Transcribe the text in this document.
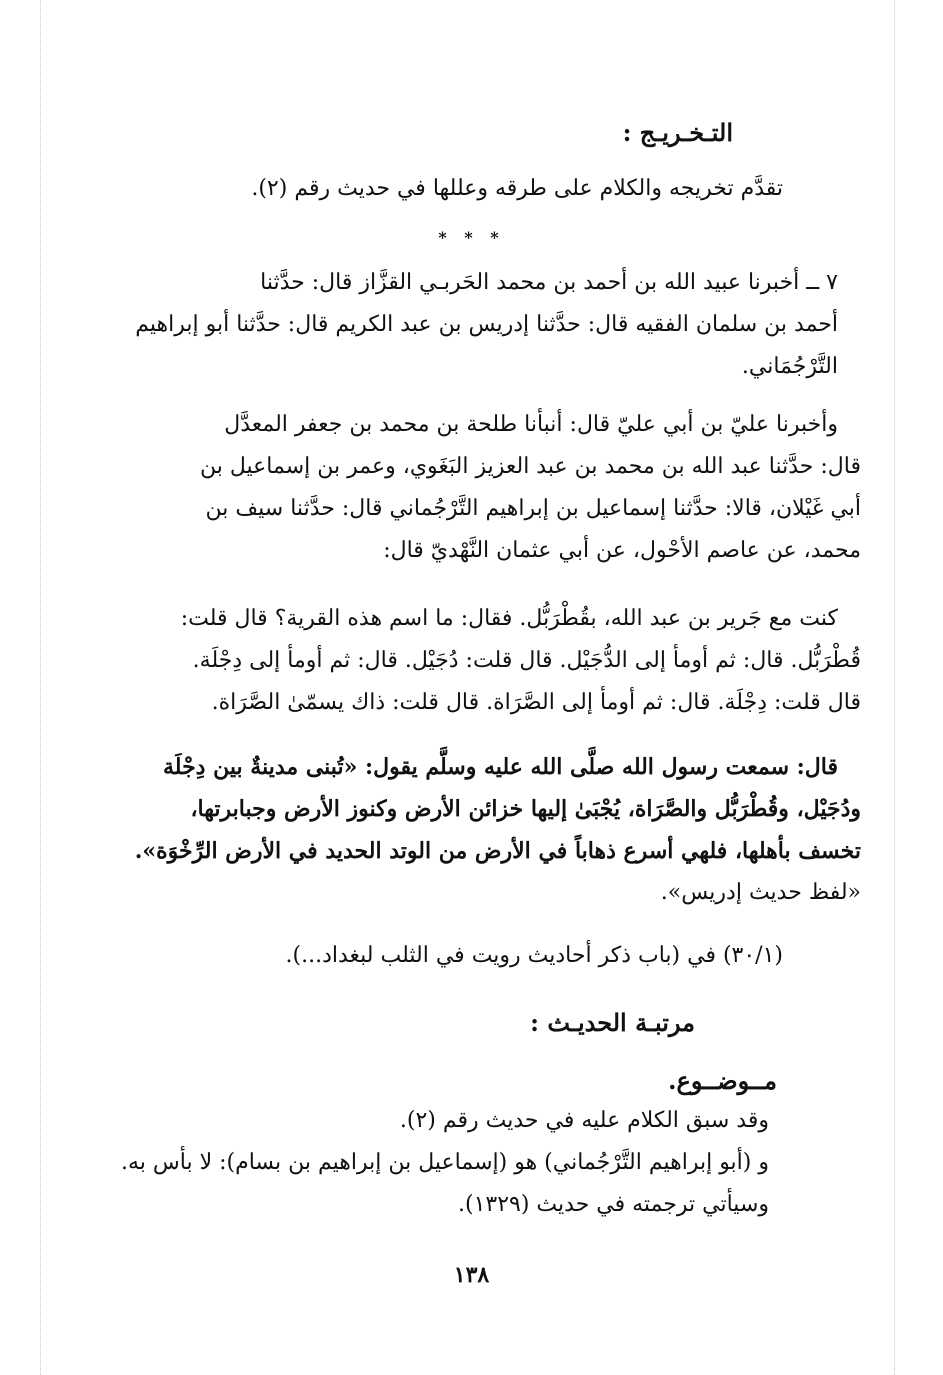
التـخـريـج :
تقدَّم تخريجه والكلام على طرقه وعللها في حديث رقم (٢).
* * *
٧ ــ أخبرنا عبيد الله بن أحمد بن محمد الحَربـي القزَّاز قال: حدَّثنا
أحمد بن سلمان الفقيه قال: حدَّثنا إدريس بن عبد الكريم قال: حدَّثنا أبو إبراهيم
التَّرْجُمَاني.
وأخبرنا عليّ بن أبي عليّ قال: أنبأنا طلحة بن محمد بن جعفر المعدَّل
قال: حدَّثنا عبد الله بن محمد بن عبد العزيز البَغَوي، وعمر بن إسماعيل بن
أبي غَيْلان، قالا: حدَّثنا إسماعيل بن إبراهيم التَّرْجُماني قال: حدَّثنا سيف بن
محمد، عن عاصم الأحْول، عن أبي عثمان النَّهْديّ قال:
كنت مع جَرير بن عبد الله، بقُطْرَبُّل. فقال: ما اسم هذه القرية؟ قال قلت:
قُطْرَبُّل. قال: ثم أومأ إلى الدُّجَيْل. قال قلت: دُجَيْل. قال: ثم أومأ إلى دِجْلَة.
قال قلت: دِجْلَة. قال: ثم أومأ إلى الصَّرَاة. قال قلت: ذاك يسمّىٰ الصَّرَاة.
قال: سمعت رسول الله صلَّى الله عليه وسلَّم يقول: «تُبنى مدينةٌ بين دِجْلَة
ودُجَيْل، وقُطْرَبُّل والصَّرَاة، يُجْبَىٰ إليها خزائن الأرض وكنوز الأرض وجبابرتها،
تخسف بأهلها، فلهي أسرع ذهاباً في الأرض من الوتد الحديد في الأرض الرِّخْوَة».
«لفظ حديث إدريس».
(٣٠/١) في (باب ذكر أحاديث رويت في الثلب لبغداد...).
مرتبـة الحديـث :
مــوضــوع.
وقد سبق الكلام عليه في حديث رقم (٢).
و (أبو إبراهيم التَّرْجُماني) هو (إسماعيل بن إبراهيم بن بسام): لا بأس به.
وسيأتي ترجمته في حديث (١٣٢٩).
١٣٨
